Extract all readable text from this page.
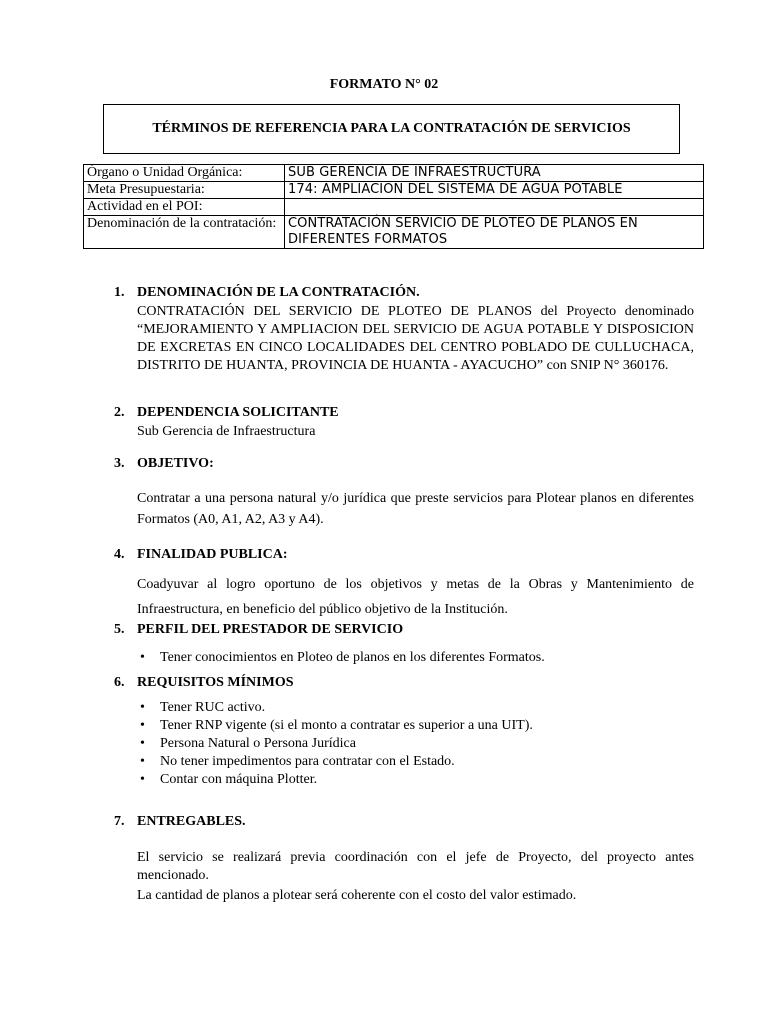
FORMATO N° 02
TÉRMINOS DE REFERENCIA PARA LA CONTRATACIÓN DE SERVICIOS
Órgano o Unidad Orgánica:	SUB GERENCIA DE INFRAESTRUCTURA
Meta Presupuestaria:	174: AMPLIACION DEL SISTEMA DE AGUA POTABLE
Actividad en el POI:	
Denominación de la contratación:	CONTRATACIÓN SERVICIO DE PLOTEO DE PLANOS EN DIFERENTES FORMATOS
1. DENOMINACIÓN DE LA CONTRATACIÓN.
CONTRATACIÓN DEL SERVICIO DE PLOTEO DE PLANOS del Proyecto denominado “MEJORAMIENTO Y AMPLIACION DEL SERVICIO DE AGUA POTABLE Y DISPOSICION DE EXCRETAS EN CINCO LOCALIDADES DEL CENTRO POBLADO DE CULLUCHACA, DISTRITO DE HUANTA, PROVINCIA DE HUANTA - AYACUCHO” con SNIP N° 360176.
2. DEPENDENCIA SOLICITANTE
Sub Gerencia de Infraestructura
3. OBJETIVO:
Contratar a una persona natural y/o jurídica que preste servicios para Plotear planos en diferentes Formatos (A0, A1, A2, A3 y A4).
4. FINALIDAD PUBLICA:
Coadyuvar al logro oportuno de los objetivos y metas de la Obras y Mantenimiento de Infraestructura, en beneficio del público objetivo de la Institución.
5. PERFIL DEL PRESTADOR DE SERVICIO
• Tener conocimientos en Ploteo de planos en los diferentes Formatos.
6. REQUISITOS MÍNIMOS
• Tener RUC activo.
• Tener RNP vigente (si el monto a contratar es superior a una UIT).
• Persona Natural o Persona Jurídica
• No tener impedimentos para contratar con el Estado.
• Contar con máquina Plotter.
7. ENTREGABLES.
El servicio se realizará previa coordinación con el jefe de Proyecto, del proyecto antes mencionado.
La cantidad de planos a plotear será coherente con el costo del valor estimado.
